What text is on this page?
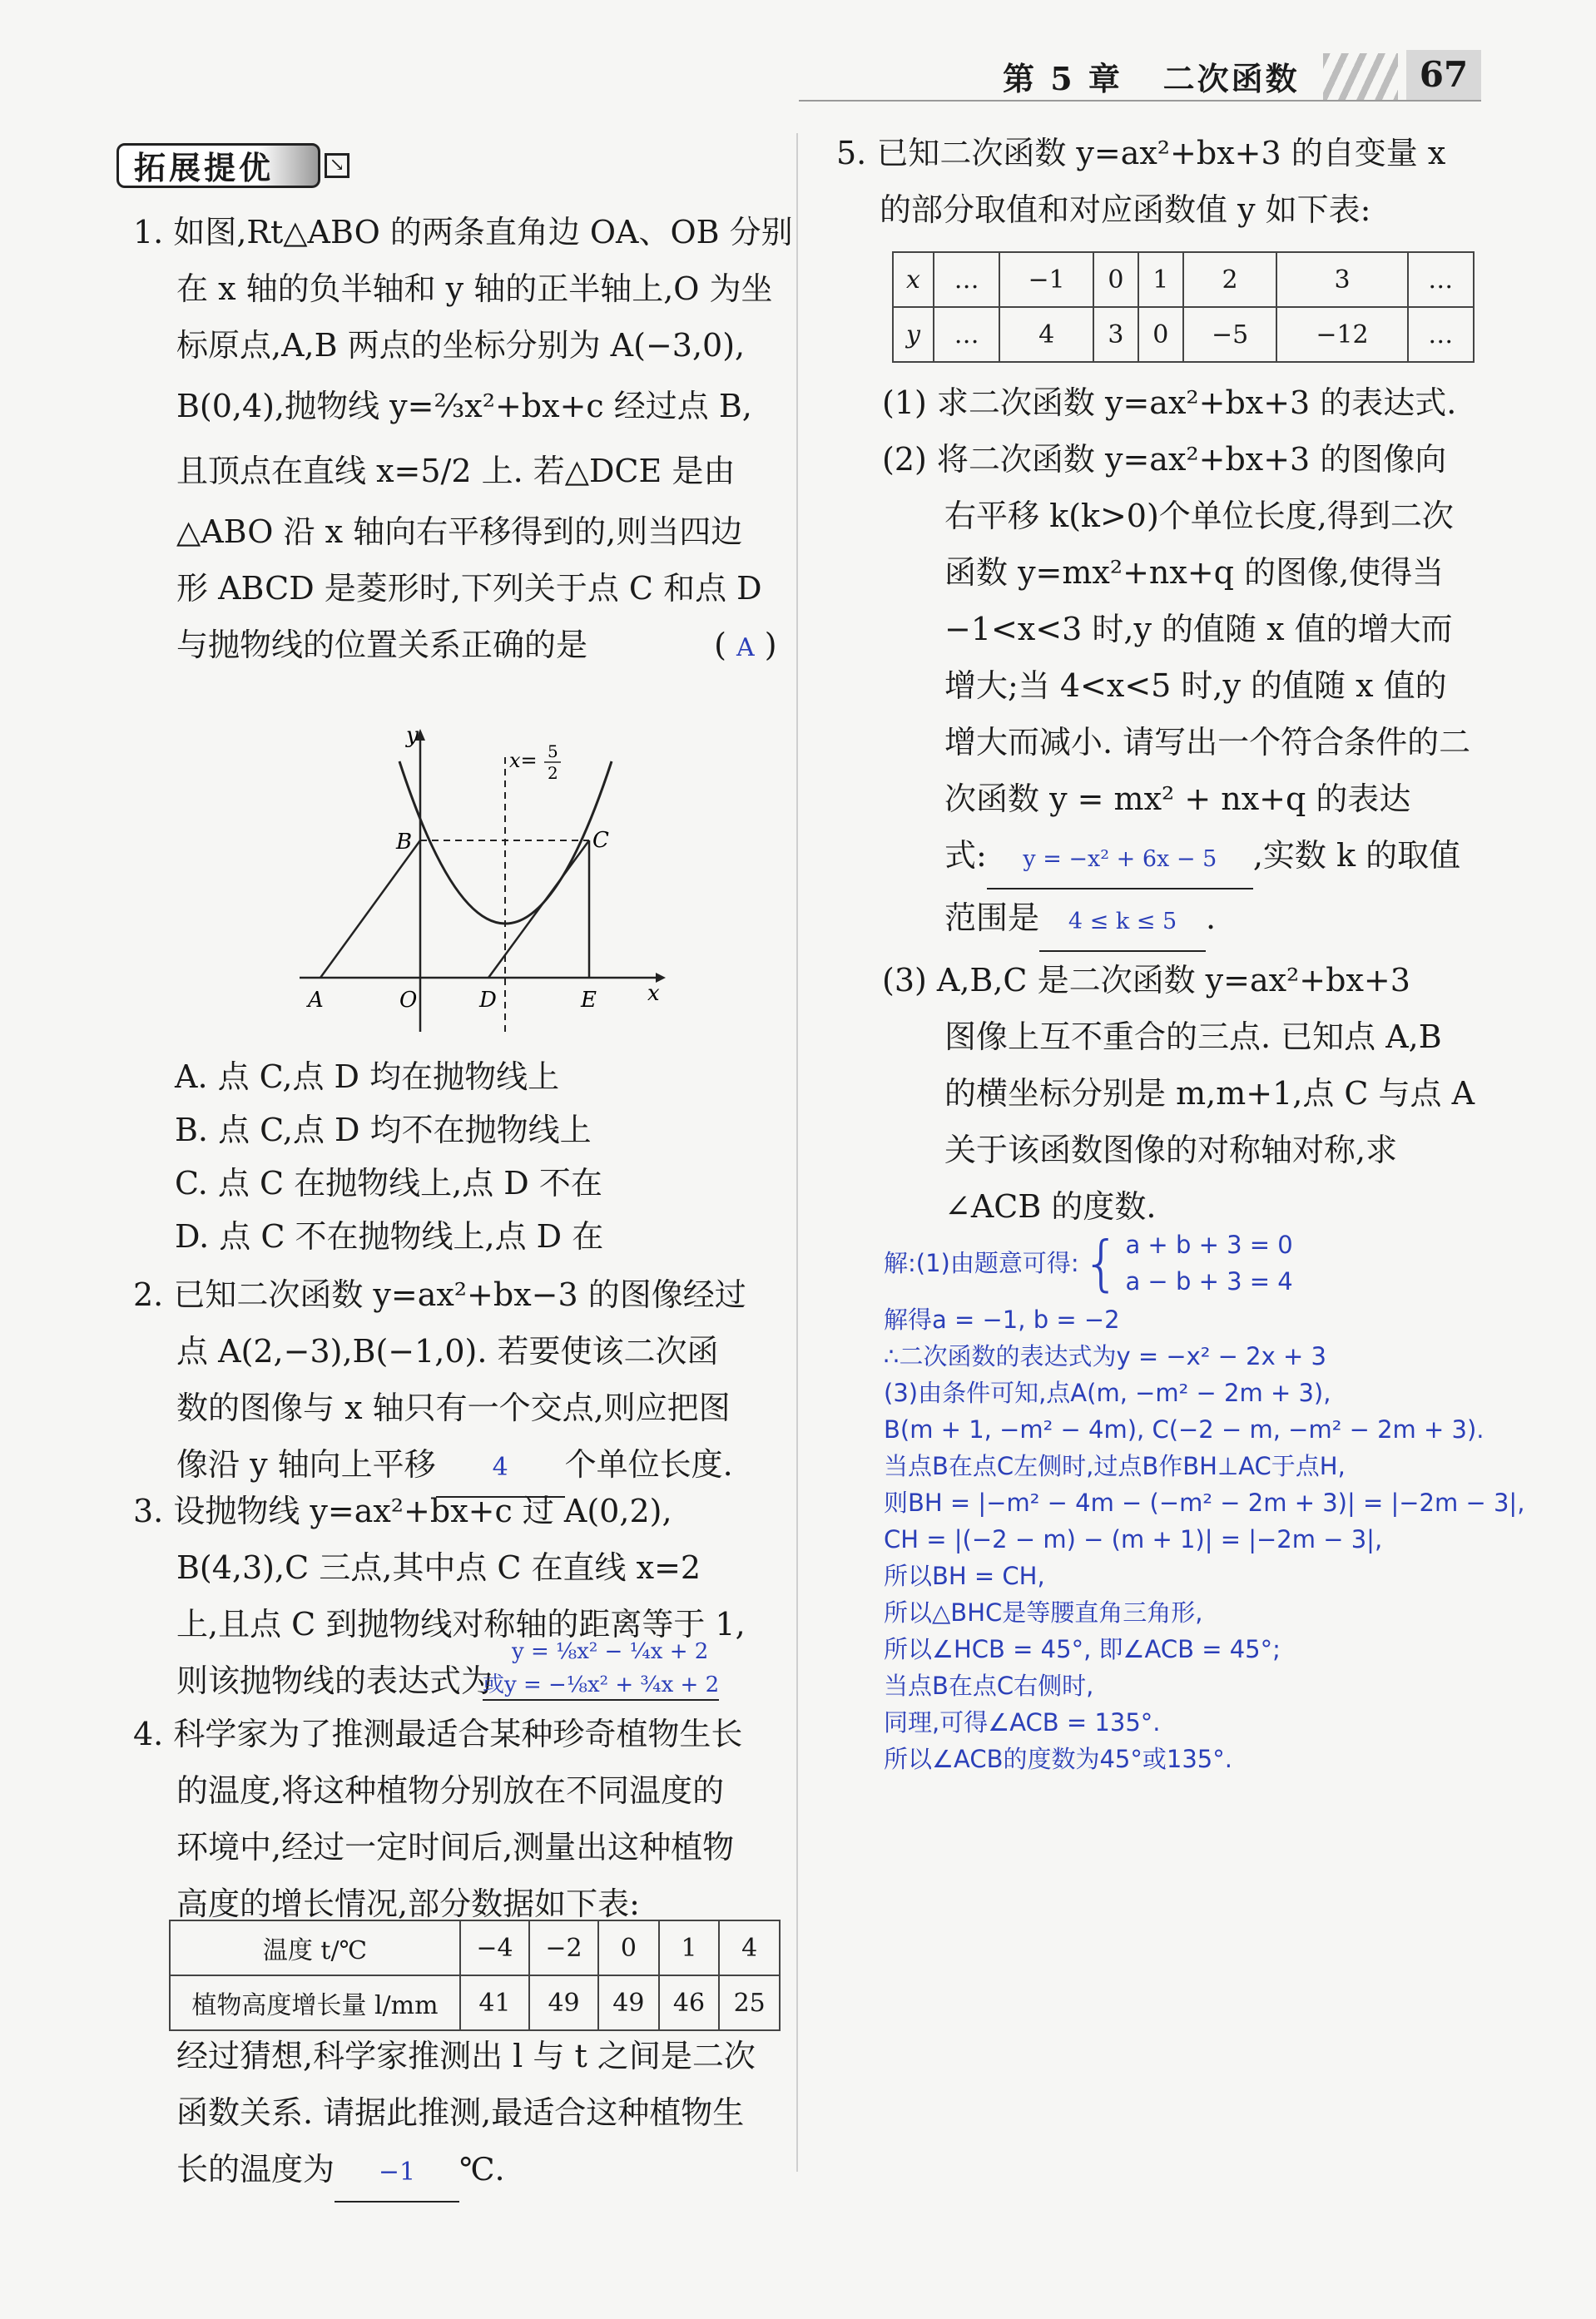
第 5 章 二次函数	67
拓展提优	↘
1. 如图,Rt△ABO 的两条直角边 OA、OB 分别
在 x 轴的负半轴和 y 轴的正半轴上,O 为坐
标原点,A,B 两点的坐标分别为 A(−3,0),
B(0,4),抛物线 y=⅔x²+bx+c 经过点 B,
且顶点在直线 x=5/2 上. 若△DCE 是由
△ABO 沿 x 轴向右平移得到的,则当四边
形 ABCD 是菱形时,下列关于点 C 和点 D
与抛物线的位置关系正确的是	( A )
y
x
x= 5
2
A	O	D	E
B	C
A. 点 C,点 D 均在抛物线上
B. 点 C,点 D 均不在抛物线上
C. 点 C 在抛物线上,点 D 不在
D. 点 C 不在抛物线上,点 D 在
2. 已知二次函数 y=ax²+bx−3 的图像经过
点 A(2,−3),B(−1,0). 若要使该二次函
数的图像与 x 轴只有一个交点,则应把图
像沿 y 轴向上平移 4 个单位长度.
3. 设抛物线 y=ax²+bx+c 过 A(0,2),
B(4,3),C 三点,其中点 C 在直线 x=2
上,且点 C 到抛物线对称轴的距离等于 1,
则该抛物线的表达式为
y = ⅛x² − ¼x + 2
或y = −⅛x² + ¾x + 2
4. 科学家为了推测最适合某种珍奇植物生长
的温度,将这种植物分别放在不同温度的
环境中,经过一定时间后,测量出这种植物
高度的增长情况,部分数据如下表:
温度 t/℃	−4	−2	0	1	4
植物高度增长量 l/mm	41	49	49	46	25
经过猜想,科学家推测出 l 与 t 之间是二次
函数关系. 请据此推测,最适合这种植物生
长的温度为 −1 ℃.
5. 已知二次函数 y=ax²+bx+3 的自变量 x
的部分取值和对应函数值 y 如下表:
x	…	−1	0	1	2	3	…
y	…	4	3	0	−5	−12	…
(1) 求二次函数 y=ax²+bx+3 的表达式.
(2) 将二次函数 y=ax²+bx+3 的图像向
右平移 k(k>0)个单位长度,得到二次
函数 y=mx²+nx+q 的图像,使得当
−1<x<3 时,y 的值随 x 值的增大而
增大;当 4<x<5 时,y 的值随 x 值的
增大而减小. 请写出一个符合条件的二
次函数 y = mx² + nx+q 的表达
式: y = −x² + 6x − 5 ,实数 k 的取值
范围是 4 ≤ k ≤ 5 .
(3) A,B,C 是二次函数 y=ax²+bx+3
图像上互不重合的三点. 已知点 A,B
的横坐标分别是 m,m+1,点 C 与点 A
关于该函数图像的对称轴对称,求
∠ACB 的度数.
解:(1)由题意可得: { a + b + 3 = 0
a − b + 3 = 4
解得a = −1, b = −2
∴二次函数的表达式为y = −x² − 2x + 3
(3)由条件可知,点A(m, −m² − 2m + 3),
B(m + 1, −m² − 4m), C(−2 − m, −m² − 2m + 3).
当点B在点C左侧时,过点B作BH⊥AC于点H,
则BH = |−m² − 4m − (−m² − 2m + 3)| = |−2m − 3|,
CH = |(−2 − m) − (m + 1)| = |−2m − 3|,
所以BH = CH,
所以△BHC是等腰直角三角形,
所以∠HCB = 45°, 即∠ACB = 45°;
当点B在点C右侧时,
同理,可得∠ACB = 135°.
所以∠ACB的度数为45°或135°.
